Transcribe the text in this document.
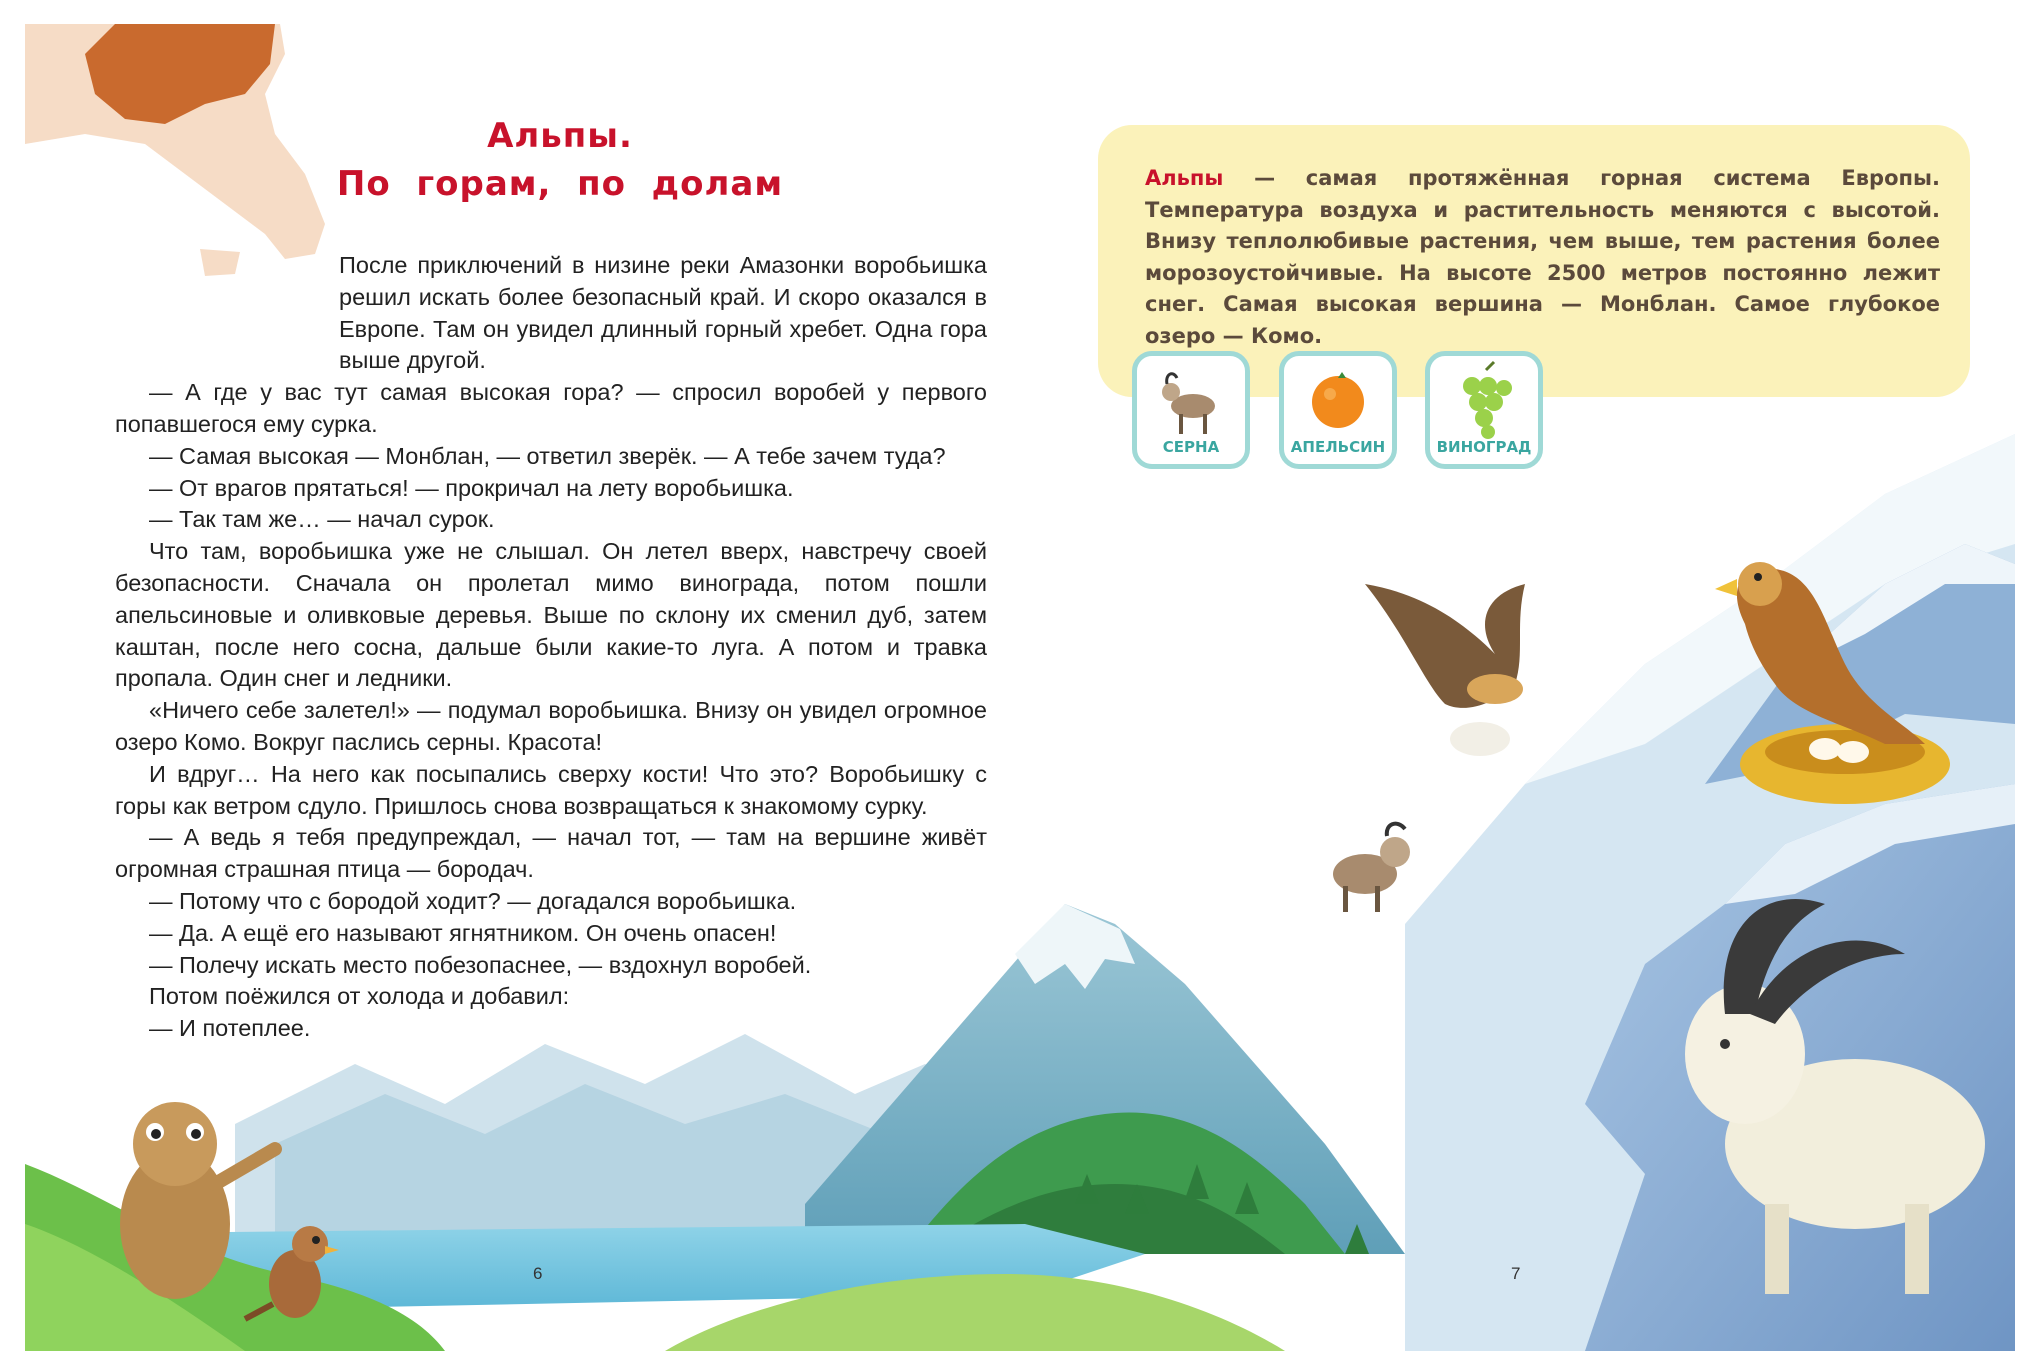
Альпы.
По  горам,  по  долам

После приключений в низине реки Амазонки воробьишка решил искать более безопасный край. И скоро оказался в Европе. Там он увидел длинный горный хребет. Одна гора выше другой.

— А где у вас тут самая высокая гора? — спросил воробей у первого попавшегося ему сурка.

— Самая высокая — Монблан, — ответил зверёк. — А тебе зачем туда?

— От врагов прятаться! — прокричал на лету воробьишка.

— Так там же… — начал сурок.

Что там, воробьишка уже не слышал. Он летел вверх, навстречу своей безопасности. Сначала он пролетал мимо винограда, потом пошли апельсиновые и оливковые деревья. Выше по склону их сменил дуб, затем каштан, после него сосна, дальше были какие-то луга. А потом и травка пропала. Один снег и ледники.

«Ничего себе залетел!» — подумал воробьишка. Внизу он увидел огромное озеро Комо. Вокруг паслись серны. Красота!

И вдруг… На него как посыпались сверху кости! Что это? Воробьишку с горы как ветром сдуло. Пришлось снова возвращаться к знакомому сурку.

— А ведь я тебя предупреждал, — начал тот, — там на вершине живёт огромная страшная птица — бородач.

— Потому что с бородой ходит? — догадался воробьишка.

— Да. А ещё его называют ягнятником. Он очень опасен!

— Полечу искать место побезопаснее, — вздохнул воробей.

Потом поёжился от холода и добавил:

— И потеплее.

Альпы — самая протяжённая горная система Европы. Температура воздуха и растительность меняются с высотой. Внизу теплолюбивые растения, чем выше, тем растения более морозоустойчивые. На высоте 2500 метров постоянно лежит снег. Самая высокая вершина — Монблан. Самое глубокое озеро — Комо.
СЕРНА	АПЕЛЬСИН	ВИНОГРАД
6	7
